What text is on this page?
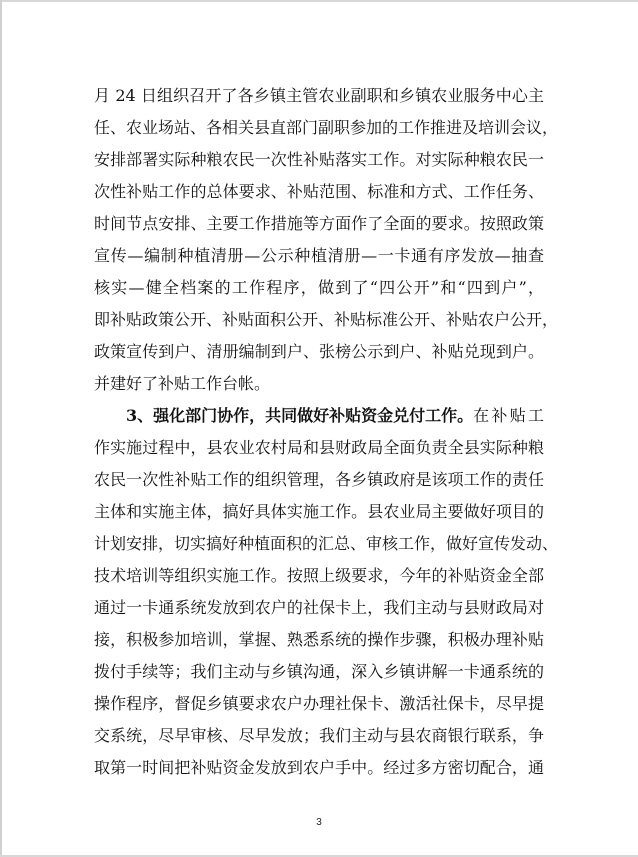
月 24 日组织召开了各乡镇主管农业副职和乡镇农业服务中心主
任、农业场站、各相关县直部门副职参加的工作推进及培训会议，
安排部署实际种粮农民一次性补贴落实工作。对实际种粮农民一
次性补贴工作的总体要求、补贴范围、标准和方式、工作任务、
时间节点安排、主要工作措施等方面作了全面的要求。按照政策
宣传—编制种植清册—公示种植清册—一卡通有序发放—抽查
核实—健全档案的工作程序，做到了“四公开”和“四到户”，
即补贴政策公开、补贴面积公开、补贴标准公开、补贴农户公开，
政策宣传到户、清册编制到户、张榜公示到户、补贴兑现到户。
并建好了补贴工作台帐。
3、强化部门协作，共同做好补贴资金兑付工作。 在补贴工
作实施过程中，县农业农村局和县财政局全面负责全县实际种粮
农民一次性补贴工作的组织管理，各乡镇政府是该项工作的责任
主体和实施主体，搞好具体实施工作。县农业局主要做好项目的
计划安排，切实搞好种植面积的汇总、审核工作，做好宣传发动、
技术培训等组织实施工作。按照上级要求，今年的补贴资金全部
通过一卡通系统发放到农户的社保卡上，我们主动与县财政局对
接，积极参加培训，掌握、熟悉系统的操作步骤，积极办理补贴
拨付手续等；我们主动与乡镇沟通，深入乡镇讲解一卡通系统的
操作程序，督促乡镇要求农户办理社保卡、激活社保卡，尽早提
交系统，尽早审核、尽早发放；我们主动与县农商银行联系，争
取第一时间把补贴资金发放到农户手中。经过多方密切配合，通
3
